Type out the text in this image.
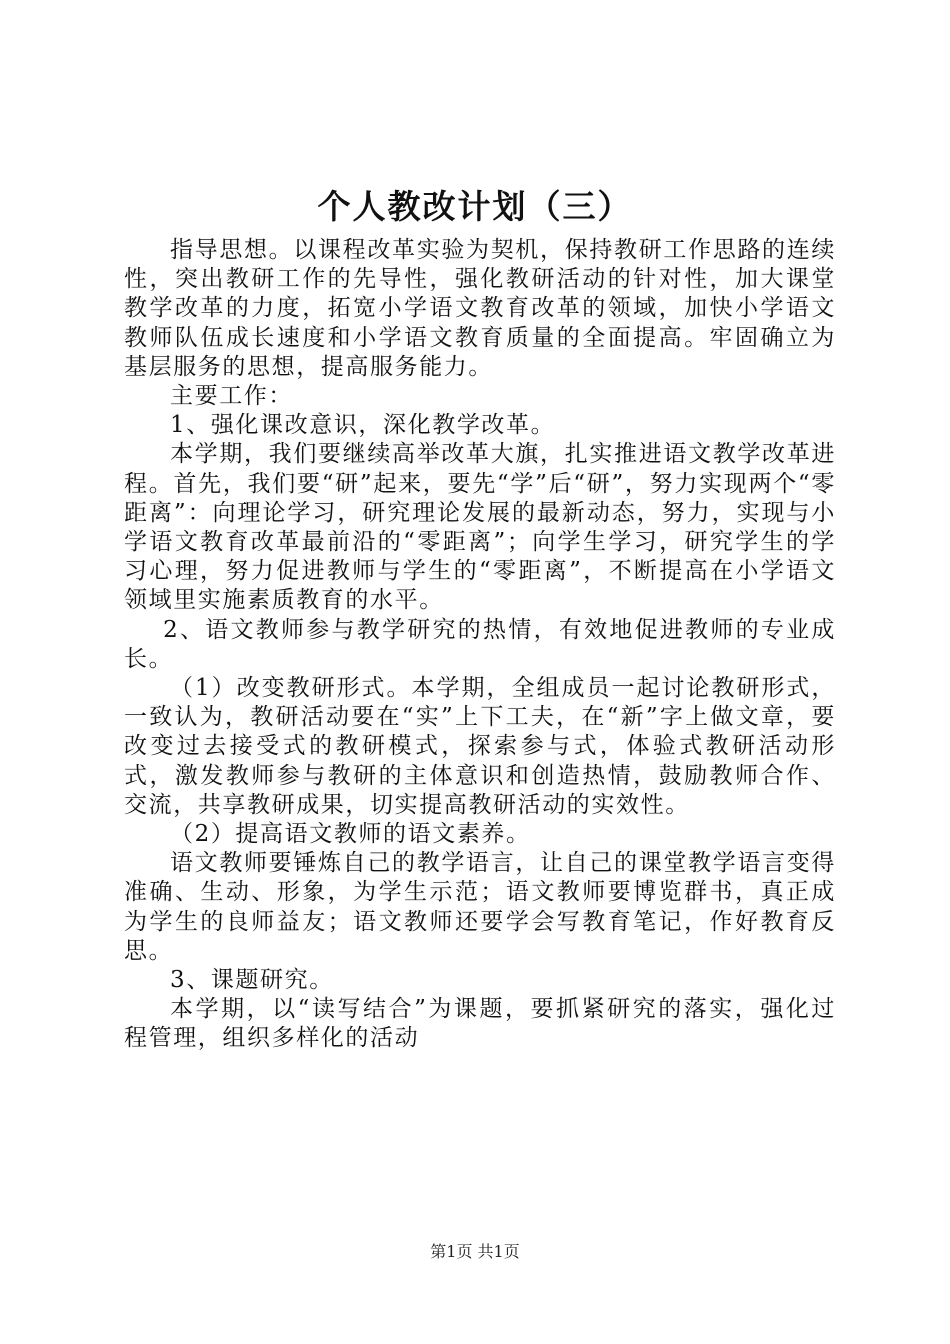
个人教改计划（三）

指导思想。以课程改革实验为契机，保持教研工作思路的连续性，突出教研工作的先导性，强化教研活动的针对性，加大课堂教学改革的力度，拓宽小学语文教育改革的领域，加快小学语文教师队伍成长速度和小学语文教育质量的全面提高。牢固确立为基层服务的思想，提高服务能力。

主要工作：

1、强化课改意识，深化教学改革。

本学期，我们要继续高举改革大旗，扎实推进语文教学改革进程。首先，我们要“研”起来，要先“学”后“研”，努力实现两个“零距离”：向理论学习，研究理论发展的最新动态，努力，实现与小学语文教育改革最前沿的“零距离”；向学生学习，研究学生的学习心理，努力促进教师与学生的“零距离”，不断提高在小学语文领域里实施素质教育的水平。

2、语文教师参与教学研究的热情，有效地促进教师的专业成长。

（1）改变教研形式。本学期，全组成员一起讨论教研形式，一致认为，教研活动要在“实”上下工夫，在“新”字上做文章，要改变过去接受式的教研模式，探索参与式，体验式教研活动形式，激发教师参与教研的主体意识和创造热情，鼓励教师合作、交流，共享教研成果，切实提高教研活动的实效性。

（2）提高语文教师的语文素养。

语文教师要锤炼自己的教学语言，让自己的课堂教学语言变得准确、生动、形象，为学生示范；语文教师要博览群书，真正成为学生的良师益友；语文教师还要学会写教育笔记，作好教育反思。

3、课题研究。

本学期，以“读写结合”为课题，要抓紧研究的落实，强化过程管理，组织多样化的活动

第1页 共1页
